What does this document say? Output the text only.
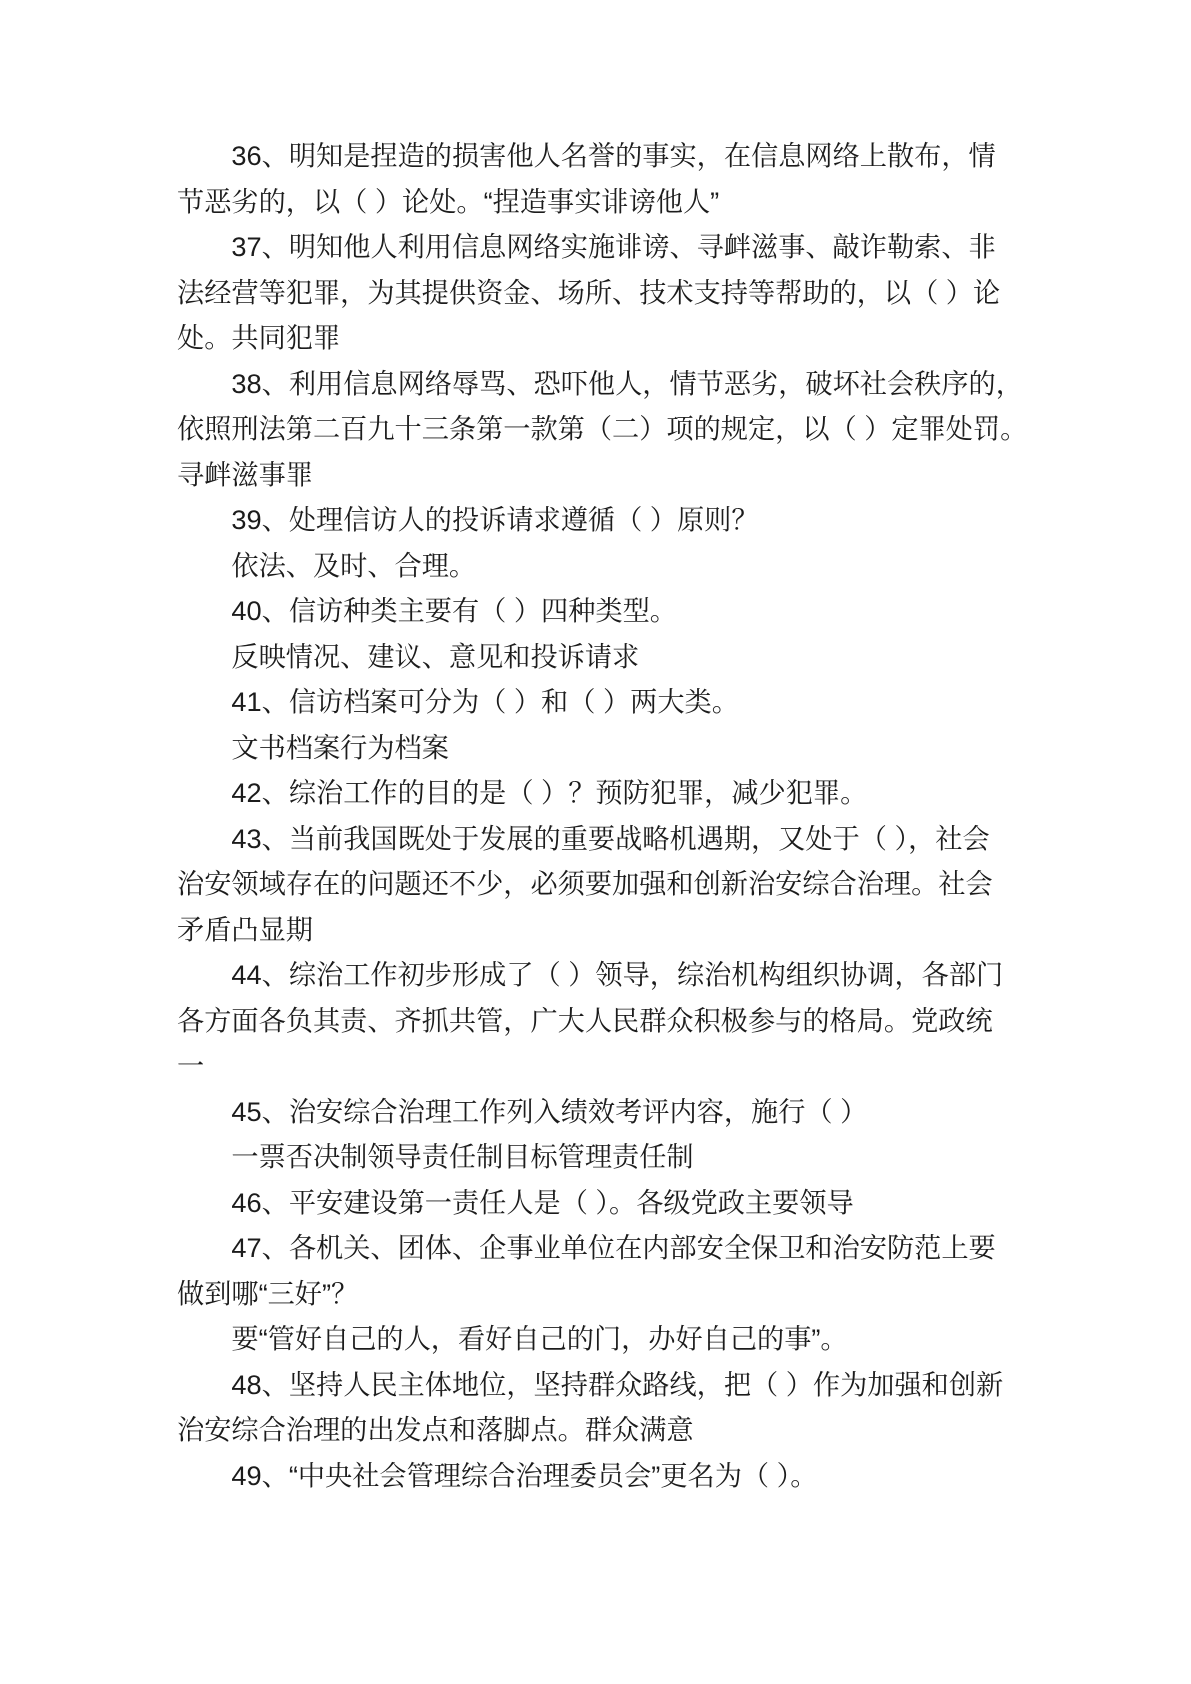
36、明知是捏造的损害他人名誉的事实，在信息网络上散布，情
节恶劣的，以（ ）论处。“捏造事实诽谤他人”
37、明知他人利用信息网络实施诽谤、寻衅滋事、敲诈勒索、非
法经营等犯罪，为其提供资金、场所、技术支持等帮助的，以（ ）论
处。共同犯罪
38、利用信息网络辱骂、恐吓他人，情节恶劣，破坏社会秩序的，
依照刑法第二百九十三条第一款第（二）项的规定，以（ ）定罪处罚。
寻衅滋事罪
39、处理信访人的投诉请求遵循（ ）原则？
依法、及时、合理。
40、信访种类主要有（ ）四种类型。
反映情况、建议、意见和投诉请求
41、信访档案可分为（ ）和（ ）两大类。
文书档案行为档案
42、综治工作的目的是（ ）？预防犯罪，减少犯罪。
43、当前我国既处于发展的重要战略机遇期，又处于（ ），社会
治安领域存在的问题还不少，必须要加强和创新治安综合治理。社会
矛盾凸显期
44、综治工作初步形成了（ ）领导，综治机构组织协调，各部门
各方面各负其责、齐抓共管，广大人民群众积极参与的格局。党政统
一
45、治安综合治理工作列入绩效考评内容，施行（ ）
一票否决制领导责任制目标管理责任制
46、平安建设第一责任人是（ ）。各级党政主要领导
47、各机关、团体、企事业单位在内部安全保卫和治安防范上要
做到哪“三好”？
要“管好自己的人，看好自己的门，办好自己的事”。
48、坚持人民主体地位，坚持群众路线，把（ ）作为加强和创新
治安综合治理的出发点和落脚点。群众满意
49、“中央社会管理综合治理委员会”更名为（ ）。
